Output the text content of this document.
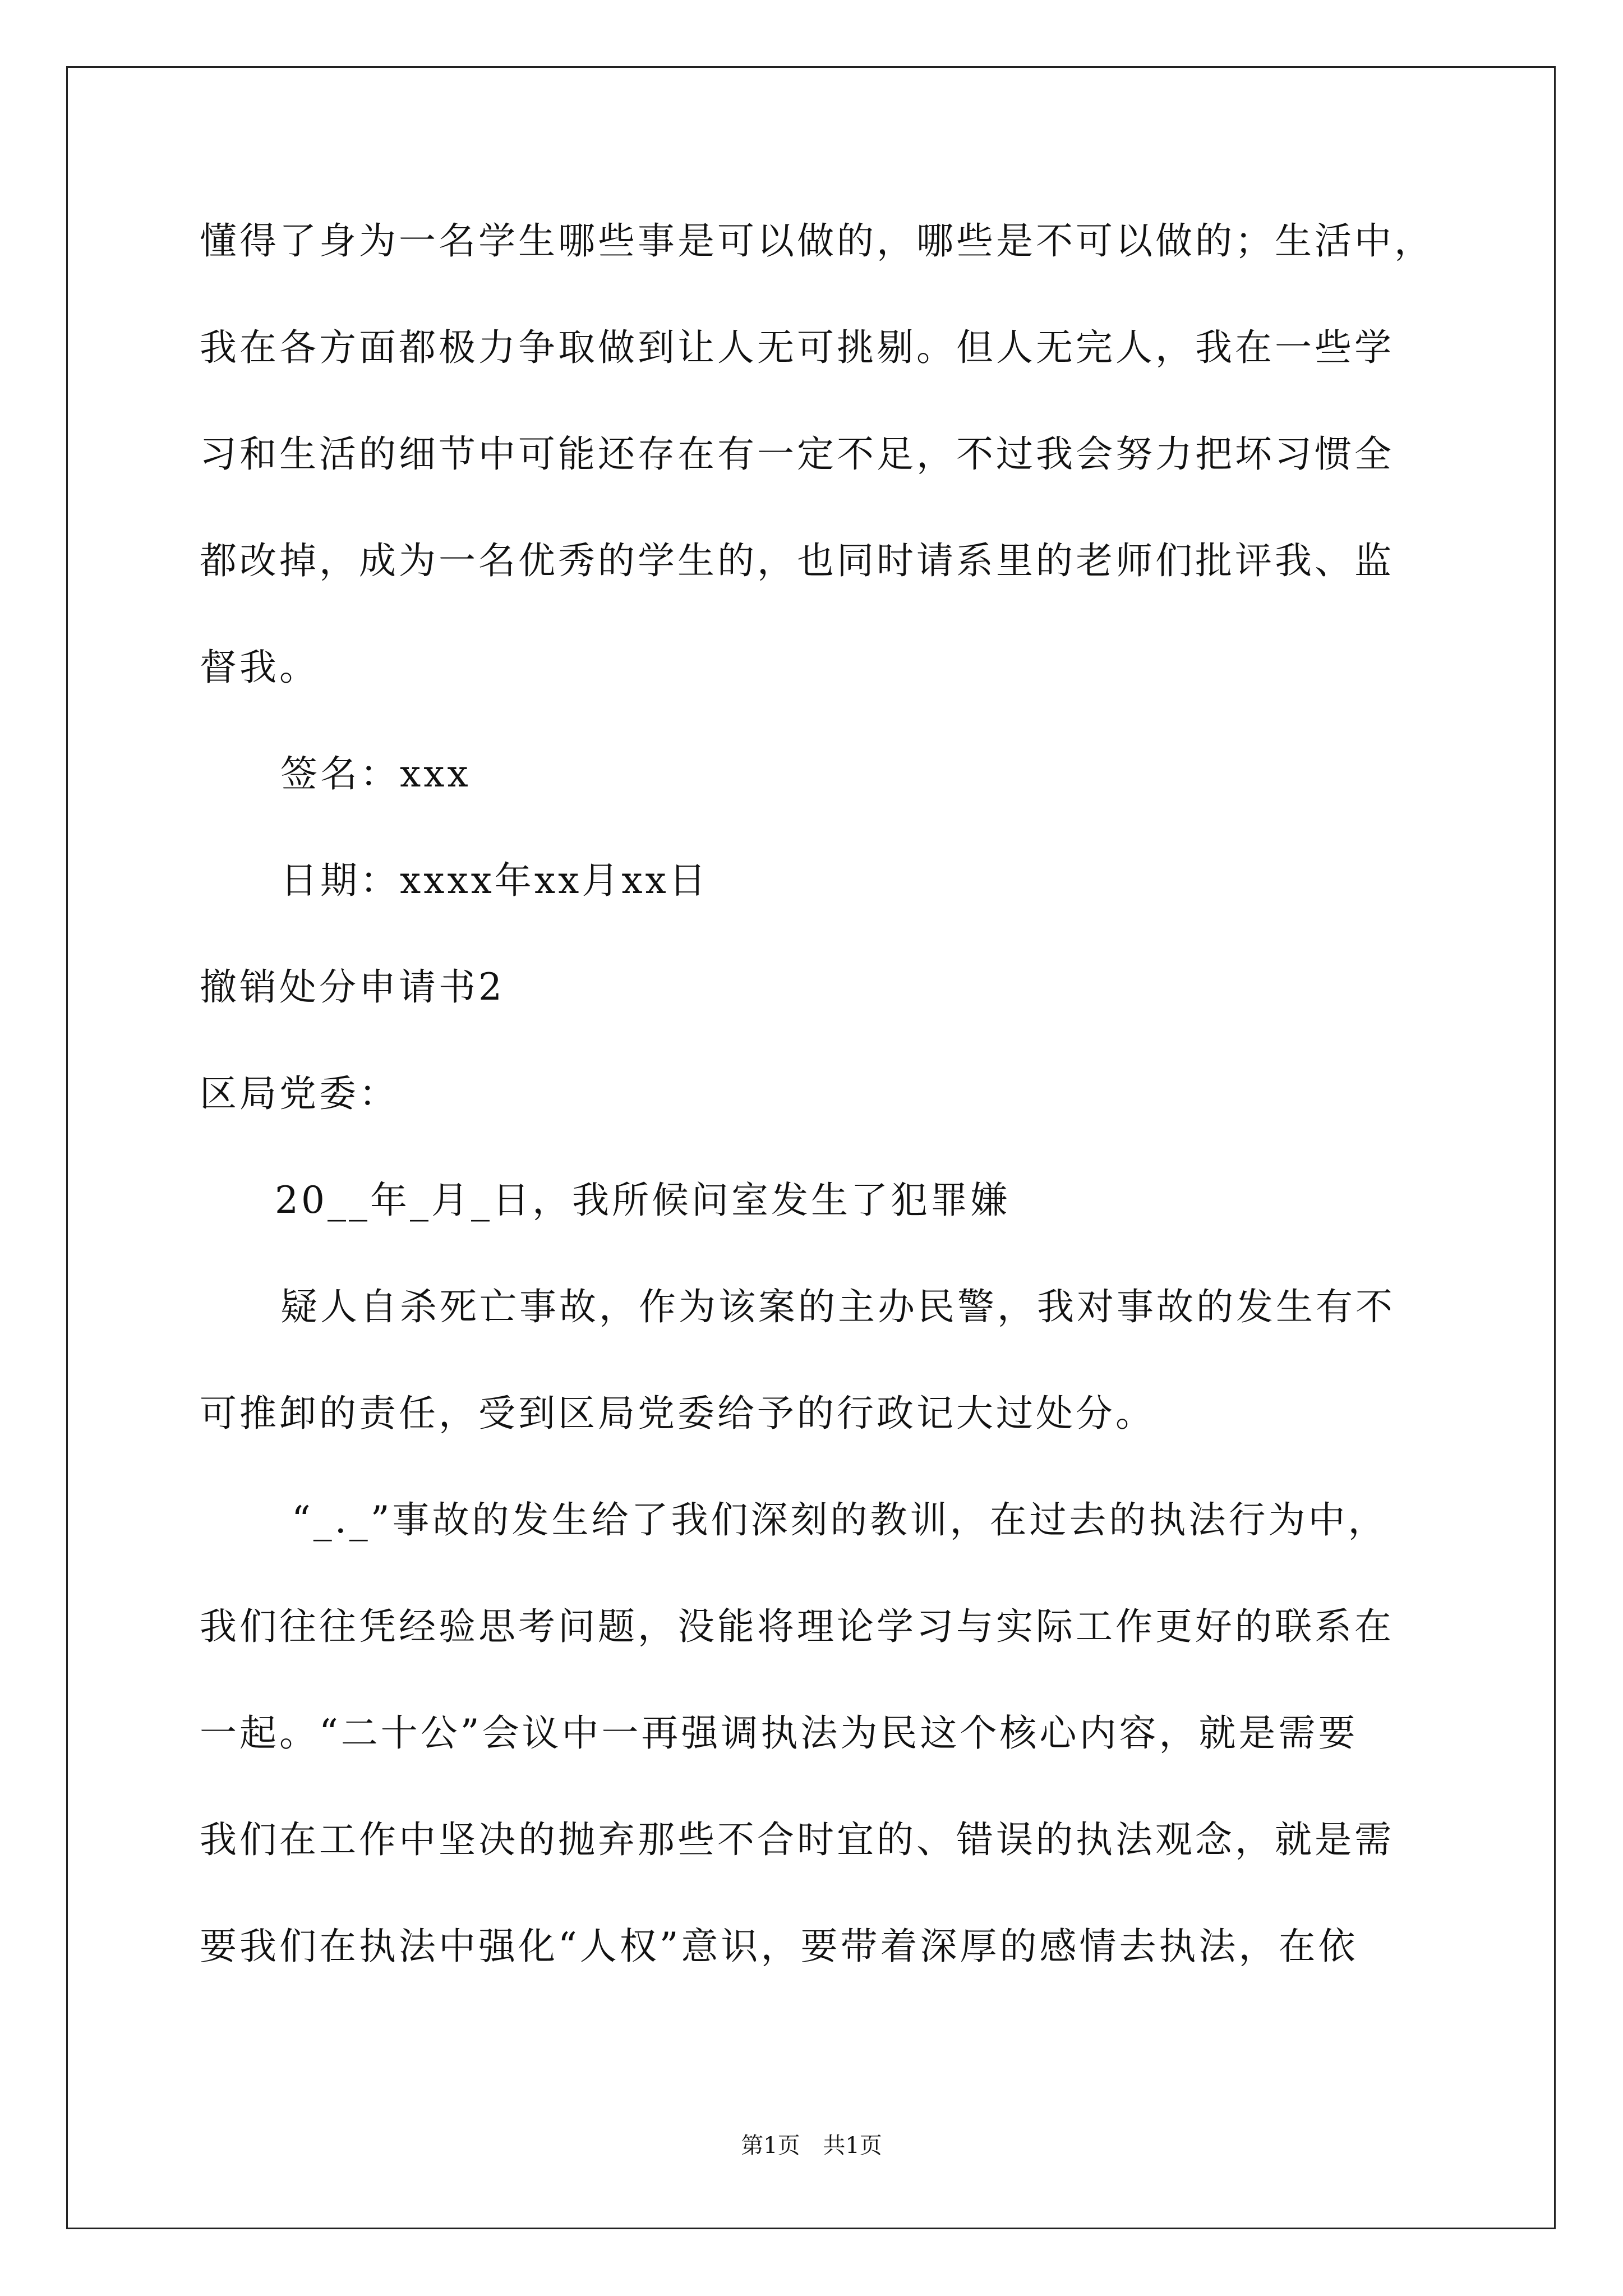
懂得了身为一名学生哪些事是可以做的，哪些是不可以做的；生活中，
我在各方面都极力争取做到让人无可挑剔。但人无完人，我在一些学
习和生活的细节中可能还存在有一定不足，不过我会努力把坏习惯全
都改掉，成为一名优秀的学生的，也同时请系里的老师们批评我、监
督我。
签名：xxx
日期：xxxx年xx月xx日
撤销处分申请书2
区局党委：
20__年_月_日，我所候问室发生了犯罪嫌
疑人自杀死亡事故，作为该案的主办民警，我对事故的发生有不
可推卸的责任，受到区局党委给予的行政记大过处分。
“_._”事故的发生给了我们深刻的教训，在过去的执法行为中，
我们往往凭经验思考问题，没能将理论学习与实际工作更好的联系在
一起。“二十公”会议中一再强调执法为民这个核心内容，就是需要
我们在工作中坚决的抛弃那些不合时宜的、错误的执法观念，就是需
要我们在执法中强化“人权”意识，要带着深厚的感情去执法，在依
第1页 共1页
